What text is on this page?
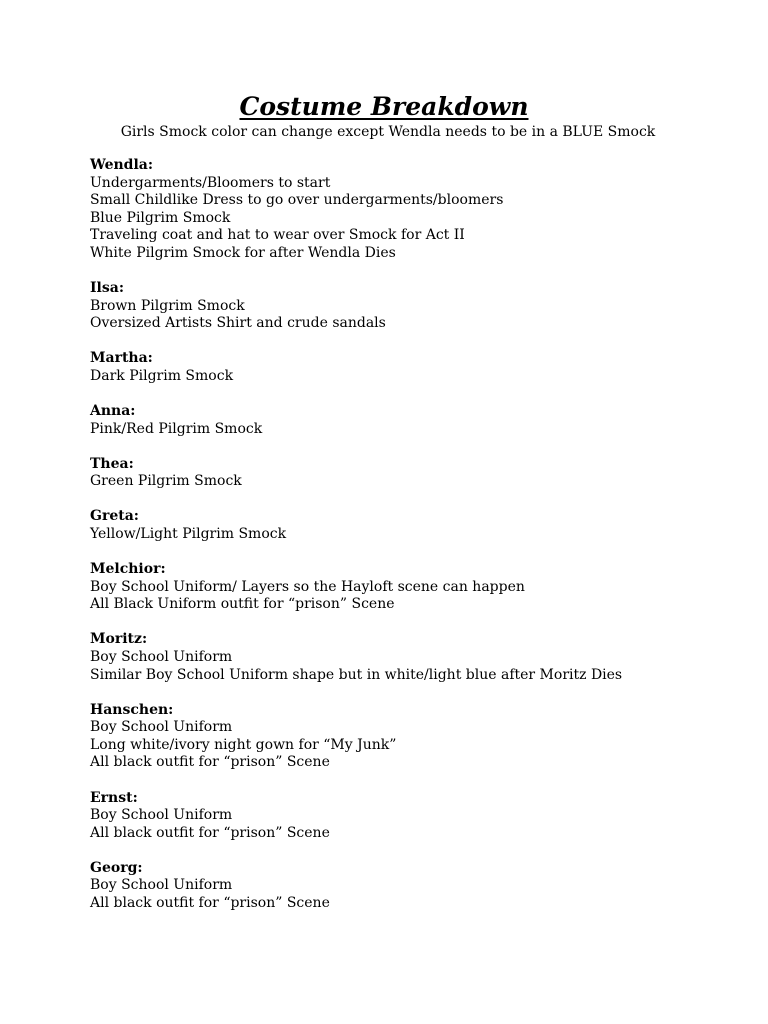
Costume Breakdown

Girls Smock color can change except Wendla needs to be in a BLUE Smock

Wendla:
Undergarments/Bloomers to start
Small Childlike Dress to go over undergarments/bloomers
Blue Pilgrim Smock
Traveling coat and hat to wear over Smock for Act II
White Pilgrim Smock for after Wendla Dies
Ilsa:
Brown Pilgrim Smock
Oversized Artists Shirt and crude sandals
Martha:
Dark Pilgrim Smock
Anna:
Pink/Red Pilgrim Smock
Thea:
Green Pilgrim Smock
Greta:
Yellow/Light Pilgrim Smock
Melchior:
Boy School Uniform/ Layers so the Hayloft scene can happen
All Black Uniform outfit for “prison” Scene
Moritz:
Boy School Uniform
Similar Boy School Uniform shape but in white/light blue after Moritz Dies
Hanschen:
Boy School Uniform
Long white/ivory night gown for “My Junk”
All black outfit for “prison” Scene
Ernst:
Boy School Uniform
All black outfit for “prison” Scene
Georg:
Boy School Uniform
All black outfit for “prison” Scene
